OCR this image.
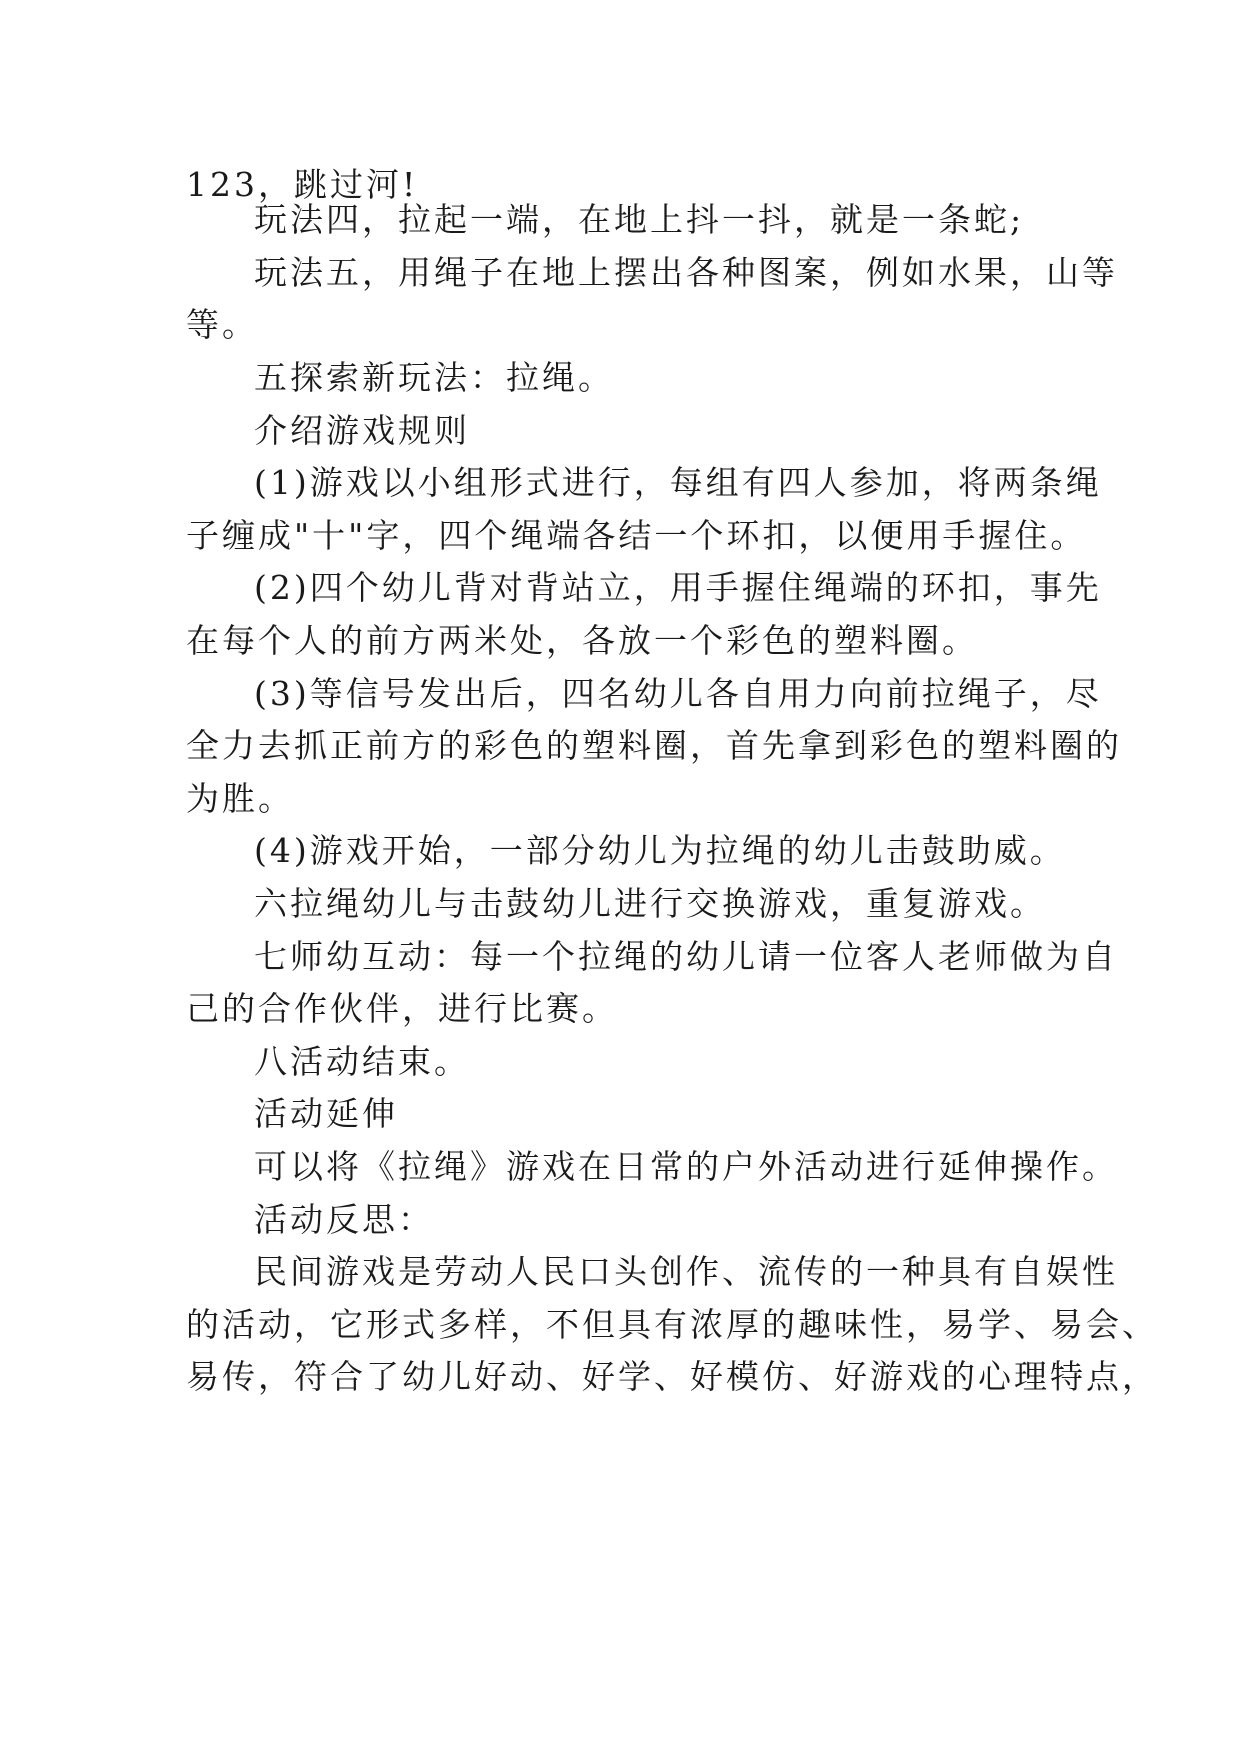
123，跳过河!
玩法四，拉起一端，在地上抖一抖，就是一条蛇;
玩法五，用绳子在地上摆出各种图案，例如水果，山等
等。
五探索新玩法：拉绳。
介绍游戏规则
(1)游戏以小组形式进行，每组有四人参加，将两条绳
子缠成"十"字，四个绳端各结一个环扣，以便用手握住。
(2)四个幼儿背对背站立，用手握住绳端的环扣，事先
在每个人的前方两米处，各放一个彩色的塑料圈。
(3)等信号发出后，四名幼儿各自用力向前拉绳子，尽
全力去抓正前方的彩色的塑料圈，首先拿到彩色的塑料圈的
为胜。
(4)游戏开始，一部分幼儿为拉绳的幼儿击鼓助威。
六拉绳幼儿与击鼓幼儿进行交换游戏，重复游戏。
七师幼互动：每一个拉绳的幼儿请一位客人老师做为自
己的合作伙伴，进行比赛。
八活动结束。
活动延伸
可以将《拉绳》游戏在日常的户外活动进行延伸操作。
活动反思：
民间游戏是劳动人民口头创作、流传的一种具有自娱性
的活动，它形式多样，不但具有浓厚的趣味性，易学、易会、
易传，符合了幼儿好动、好学、好模仿、好游戏的心理特点，
